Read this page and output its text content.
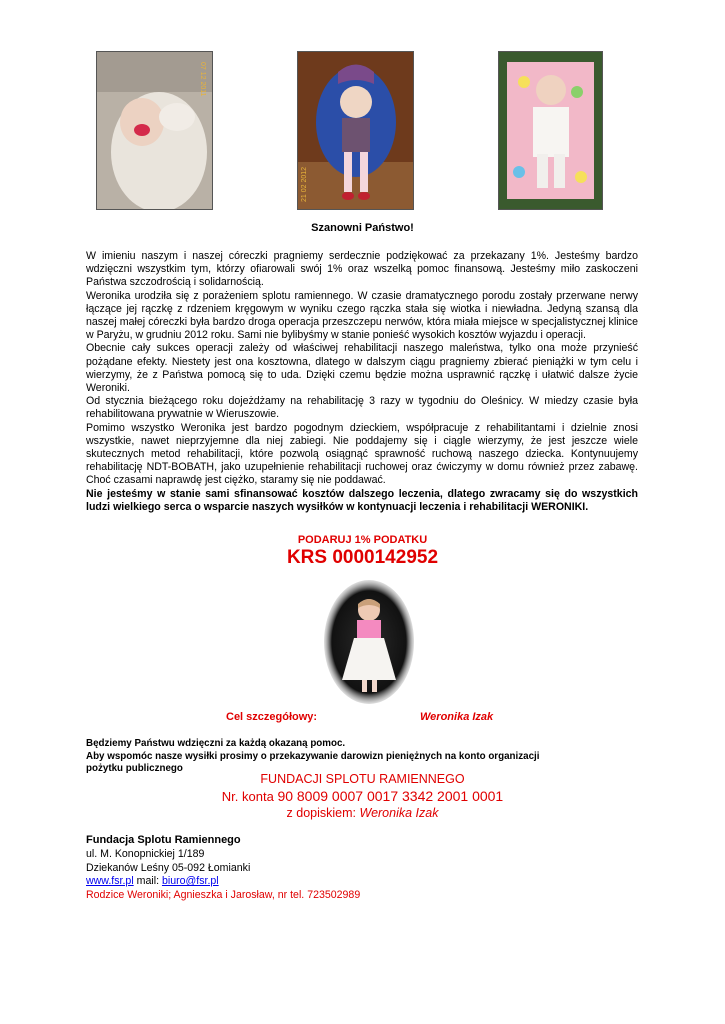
07 12 2011
21 02 2012
Szanowni Państwo!

W imieniu naszym i naszej córeczki pragniemy serdecznie podziękować za przekazany 1%. Jesteśmy bardzo wdzięczni wszystkim tym, którzy ofiarowali swój 1% oraz wszelką pomoc finansową. Jesteśmy miło zaskoczeni Państwa szczodrością i solidarnością.

Weronika urodziła się z porażeniem splotu ramiennego. W czasie dramatycznego porodu zostały przerwane nerwy łączące jej rączkę z rdzeniem kręgowym w wyniku czego rączka stała się wiotka i niewładna. Jedyną szansą dla naszej małej córeczki była bardzo droga operacja przeszczepu nerwów, która miała miejsce w specjalistycznej klinice w Paryżu, w grudniu 2012 roku. Sami nie bylibyśmy w stanie ponieść wysokich kosztów wyjazdu i operacji.

Obecnie cały sukces operacji zależy od właściwej rehabilitacji naszego maleństwa, tylko ona może przynieść pożądane efekty. Niestety jest ona kosztowna, dlatego w dalszym ciągu pragniemy zbierać pieniążki w tym celu i wierzymy, że z Państwa pomocą się to uda. Dzięki czemu będzie można usprawnić rączkę i ułatwić dalsze życie Weroniki.

Od stycznia bieżącego roku dojeżdżamy na rehabilitację 3 razy w tygodniu do Oleśnicy. W miedzy czasie była rehabilitowana prywatnie w Wieruszowie.

Pomimo wszystko Weronika jest bardzo pogodnym dzieckiem, współpracuje z rehabilitantami i dzielnie znosi wszystkie, nawet nieprzyjemne dla niej zabiegi. Nie poddajemy się i ciągle wierzymy, że jest jeszcze wiele skutecznych metod rehabilitacji, które pozwolą osiągnąć sprawność ruchową naszego dziecka. Kontynuujemy rehabilitację NDT-BOBATH, jako uzupełnienie rehabilitacji ruchowej oraz ćwiczymy w domu również przez zabawę. Choć czasami naprawdę jest ciężko, staramy się nie poddawać.

Nie jesteśmy w stanie sami sfinansować kosztów dalszego leczenia, dlatego zwracamy się do wszystkich ludzi wielkiego serca o wsparcie naszych wysiłków w kontynuacji leczenia i rehabilitacji WERONIKI.

PODARUJ 1% PODATKU
KRS 0000142952
Cel szczegółowy:	Weronika Izak
Będziemy Państwu wdzięczni za każdą okazaną pomoc.
Aby wspomóc nasze wysiłki prosimy o przekazywanie darowizn pieniężnych na konto organizacji
pożytku publicznego
FUNDACJI SPLOTU RAMIENNEGO
Nr. konta 90 8009 0007 0017 3342 2001 0001
z dopiskiem: Weronika Izak
Fundacja Splotu Ramiennego
ul. M. Konopnickiej 1/189
Dziekanów Leśny 05-092 Łomianki
www.fsr.pl mail: biuro@fsr.pl
Rodzice Weroniki; Agnieszka i Jarosław, nr tel. 723502989
